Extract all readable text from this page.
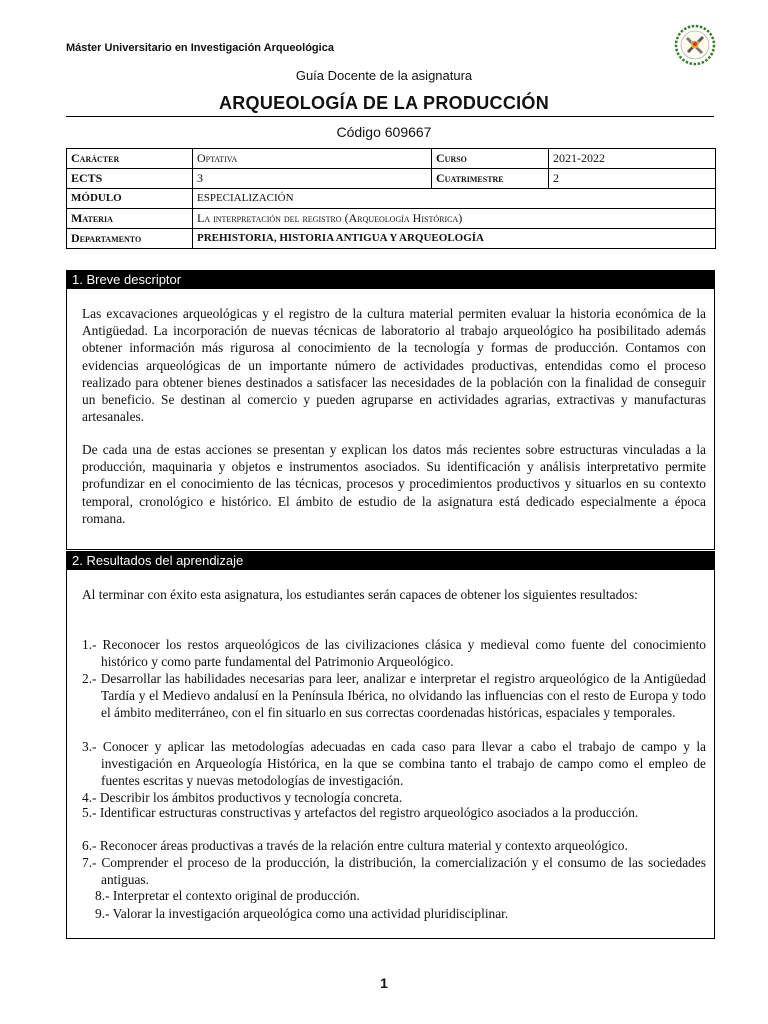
Máster Universitario en Investigación Arqueológica
Guía Docente de la asignatura
ARQUEOLOGÍA DE LA PRODUCCIÓN
Código 609667
Carácter	Optativa	Curso	2021-2022
ECTS	3	Cuatrimestre	2
MÓDULO	ESPECIALIZACIÓN		
Materia	La interpretación del registro (Arqueología Histórica)		
Departamento	PREHISTORIA, HISTORIA ANTIGUA Y ARQUEOLOGÍA		
1. Breve descriptor
Las excavaciones arqueológicas y el registro de la cultura material permiten evaluar la historia económica de la Antigüedad. La incorporación de nuevas técnicas de laboratorio al trabajo arqueológico ha posibilitado además obtener información más rigurosa al conocimiento de la tecnología y formas de producción. Contamos con evidencias arqueológicas de un importante número de actividades productivas, entendidas como el proceso realizado para obtener bienes destinados a satisfacer las necesidades de la población con la finalidad de conseguir un beneficio. Se destinan al comercio y pueden agruparse en actividades agrarias, extractivas y manufacturas artesanales.
De cada una de estas acciones se presentan y explican los datos más recientes sobre estructuras vinculadas a la producción, maquinaria y objetos e instrumentos asociados. Su identificación y análisis interpretativo permite profundizar en el conocimiento de las técnicas, procesos y procedimientos productivos y situarlos en su contexto temporal, cronológico e histórico. El ámbito de estudio de la asignatura está dedicado especialmente a época romana.
2. Resultados del aprendizaje
Al terminar con éxito esta asignatura, los estudiantes serán capaces de obtener los siguientes resultados:
1.- Reconocer los restos arqueológicos de las civilizaciones clásica y medieval como fuente del conocimiento histórico y como parte fundamental del Patrimonio Arqueológico.
2.- Desarrollar las habilidades necesarias para leer, analizar e interpretar el registro arqueológico de la Antigüedad Tardía y el Medievo andalusí en la Península Ibérica, no olvidando las influencias con el resto de Europa y todo el ámbito mediterráneo, con el fin situarlo en sus correctas coordenadas históricas, espaciales y temporales.
3.- Conocer y aplicar las metodologías adecuadas en cada caso para llevar a cabo el trabajo de campo y la investigación en Arqueología Histórica, en la que se combina tanto el trabajo de campo como el empleo de fuentes escritas y nuevas metodologías de investigación.
4.- Describir los ámbitos productivos y tecnología concreta.
5.- Identificar estructuras constructivas y artefactos del registro arqueológico asociados a la producción.
6.- Reconocer áreas productivas a través de la relación entre cultura material y contexto arqueológico.
7.- Comprender el proceso de la producción, la distribución, la comercialización y el consumo de las sociedades antiguas.
8.- Interpretar el contexto original de producción.
9.- Valorar la investigación arqueológica como una actividad pluridisciplinar.
1
